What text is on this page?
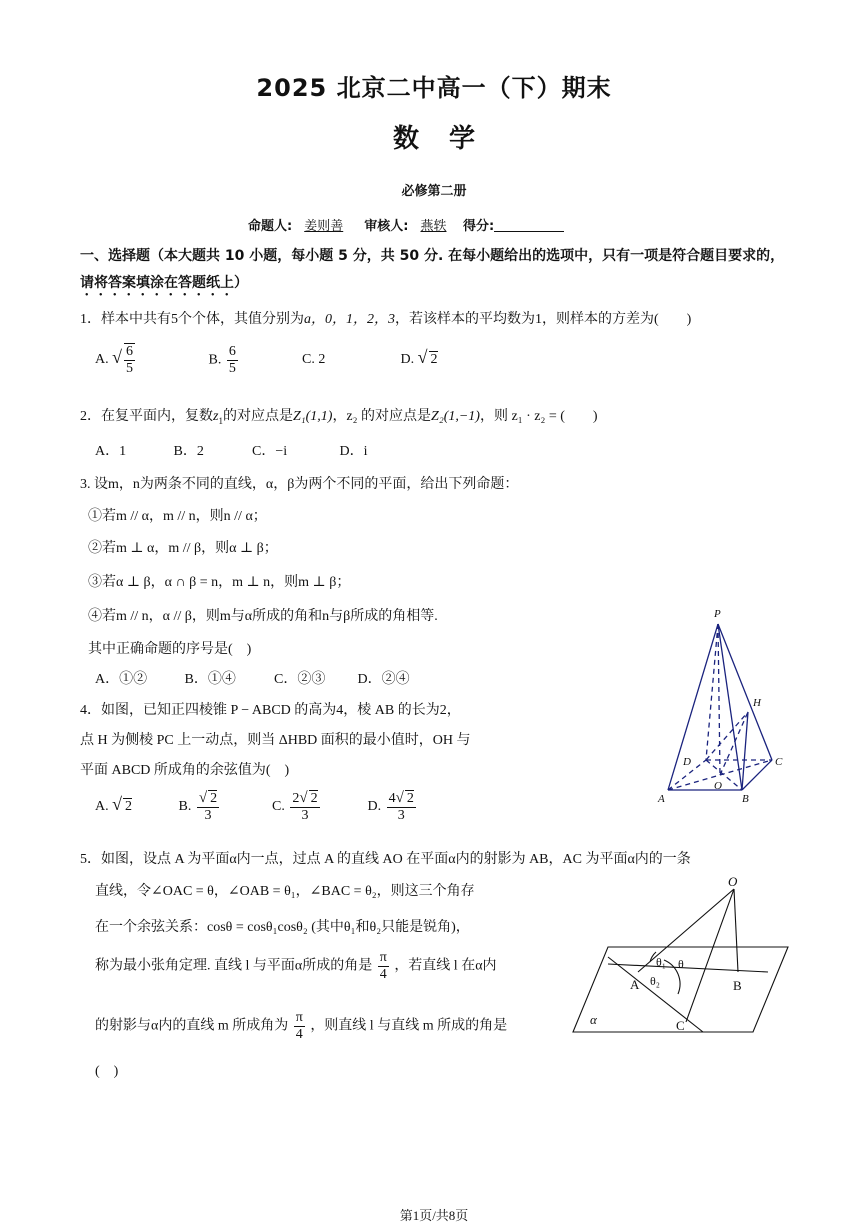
2025 北京二中高一（下）期末
数学
必修第二册
命题人: 姜则善 审核人: 燕轶 得分:
一、选择题（本大题共 10 小题，每小题 5 分，共 50 分. 在每小题给出的选项中，只有一项是符合题目要求的，请将答案填涂在答题纸上）
1．样本中共有5个个体，其值分别为a，0，1，2，3，若该样本的平均数为1，则样本的方差为(　　)
A. √ $\frac{6}{5}$	B. $\frac{6}{5}$	C. 2	D. √ 2
2．在复平面内，复数$z_1$的对应点是Z₁(1,1)，z₂ 的对应点是Z₂(1,−1)，则 z₁ · z₂ = (　　)
A．1	B．2	C．−i	D．i
3. 设m，n为两条不同的直线，α，β为两个不同的平面，给出下列命题：
①若m // α，m // n，则n // α；
②若m ⊥ α，m // β，则α ⊥ β；
③若α ⊥ β，α ∩ β = n，m ⊥ n，则m ⊥ β；
④若m // n，α // β，则m与α所成的角和n与β所成的角相等.
其中正确命题的序号是(　)
A．①②	B．①④	C．②③ D．②④
4．如图，已知正四棱锥 P − ABCD 的高为4，棱 AB 的长为2，
点 H 为侧棱 PC 上一动点，则当 ΔHBD 面积的最小值时，OH 与
平面 ABCD 所成角的余弦值为(　)
A. √ 2	B. $\frac{√ 2}{3}$	C. $\frac{2√ 2}{3}$	D. $\frac{4√ 2}{3}$
P
H
C
D
O
A	B
5．如图，设点 A 为平面α内一点，过点 A 的直线 AO 在平面α内的射影为 AB，AC 为平面α内的一条
直线，令∠OAC = θ，∠OAB = θ₁，∠BAC = θ₂，则这三个角存
在一个余弦关系：cosθ = cosθ₁cosθ₂ (其中θ₁和θ₂只能是锐角)，
称为最小张角定理. 直线 l 与平面α所成的角是 $\frac{\pi}{4}$ ，若直线 l 在α内
的射影与α内的直线 m 所成角为 $\frac{\pi}{4}$ ，则直线 l 与直线 m 所成的角是
(　)
O
θ₁ θ
A θ₂	B
C
α
第1页/共8页
